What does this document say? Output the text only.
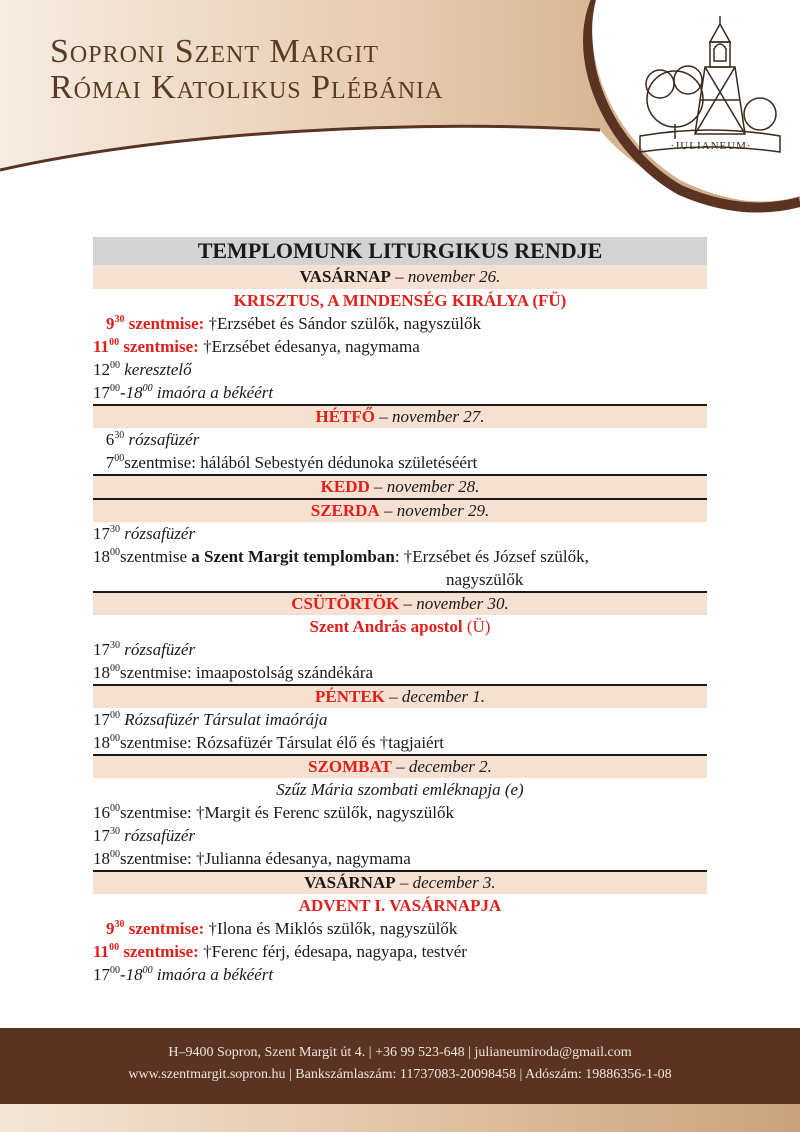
Soproni Szent Margit
Római Katolikus Plébánia
·JULIANEUM·
TEMPLOMUNK LITURGIKUS RENDJE
VASÁRNAP – november 26.
KRISZTUS, A MINDENSÉG KIRÁLYA (FÜ)
$9^{30}$ szentmise: †Erzsébet és Sándor szülők, nagyszülők
$11^{00}$ szentmise: †Erzsébet édesanya, nagymama
$12^{00}$ keresztelő
$17^{00}-18^{00}$ imaóra a békéért
HÉTFŐ – november 27.
$6^{30}$ rózsafüzér
$7^{00}szentmise$: hálából Sebestyén dédunoka születéséért
KEDD – november 28.
SZERDA – november 29.
$17^{30}$ rózsafüzér
$18^{00}szentmise$ a Szent Margit templomban: †Erzsébet és József szülők,
nagyszülők
CSÜTÖRTÖK – november 30.
Szent András apostol (Ü)
$17^{30}$ rózsafüzér
$18^{00}szentmise$: imaapostolság szándékára
PÉNTEK – december 1.
$17^{00}$ Rózsafüzér Társulat imaórája
$18^{00}szentmise$: Rózsafüzér Társulat élő és †tagjaiért
SZOMBAT – december 2.
Szűz Mária szombati emléknapja (e)
$16^{00}szentmise$: †Margit és Ferenc szülők, nagyszülők
$17^{30}$ rózsafüzér
$18^{00}szentmise$: †Julianna édesanya, nagymama
VASÁRNAP – december 3.
ADVENT I. VASÁRNAPJA
$9^{30}$ szentmise: †Ilona és Miklós szülők, nagyszülők
$11^{00}$ szentmise: †Ferenc férj, édesapa, nagyapa, testvér
$17^{00}-18^{00}$ imaóra a békéért
H–9400 Sopron, Szent Margit út 4. | +36 99 523-648 | julianeumiroda@gmail.com
www.szentmargit.sopron.hu | Bankszámlaszám: 11737083-20098458 | Adószám: 19886356-1-08
